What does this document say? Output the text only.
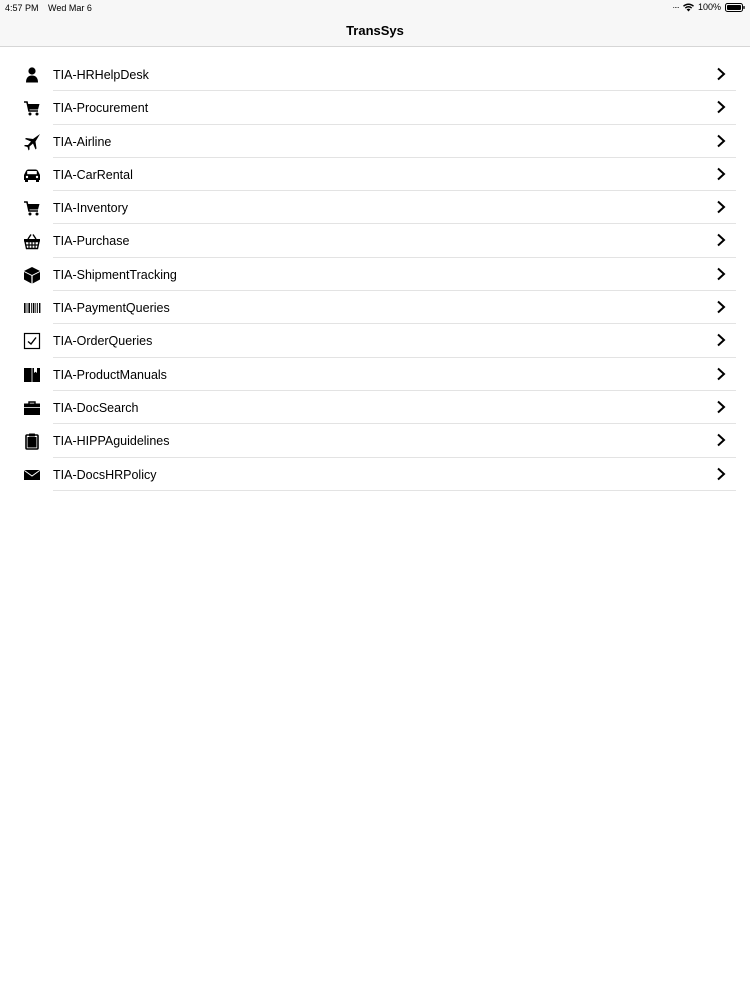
4:57 PM Wed Mar 6	···· 100%
TransSys
TIA-HRHelpDesk
TIA-Procurement
TIA-Airline
TIA-CarRental
TIA-Inventory
TIA-Purchase
TIA-ShipmentTracking
TIA-PaymentQueries
TIA-OrderQueries
TIA-ProductManuals
TIA-DocSearch
TIA-HIPPAguidelines
TIA-DocsHRPolicy
